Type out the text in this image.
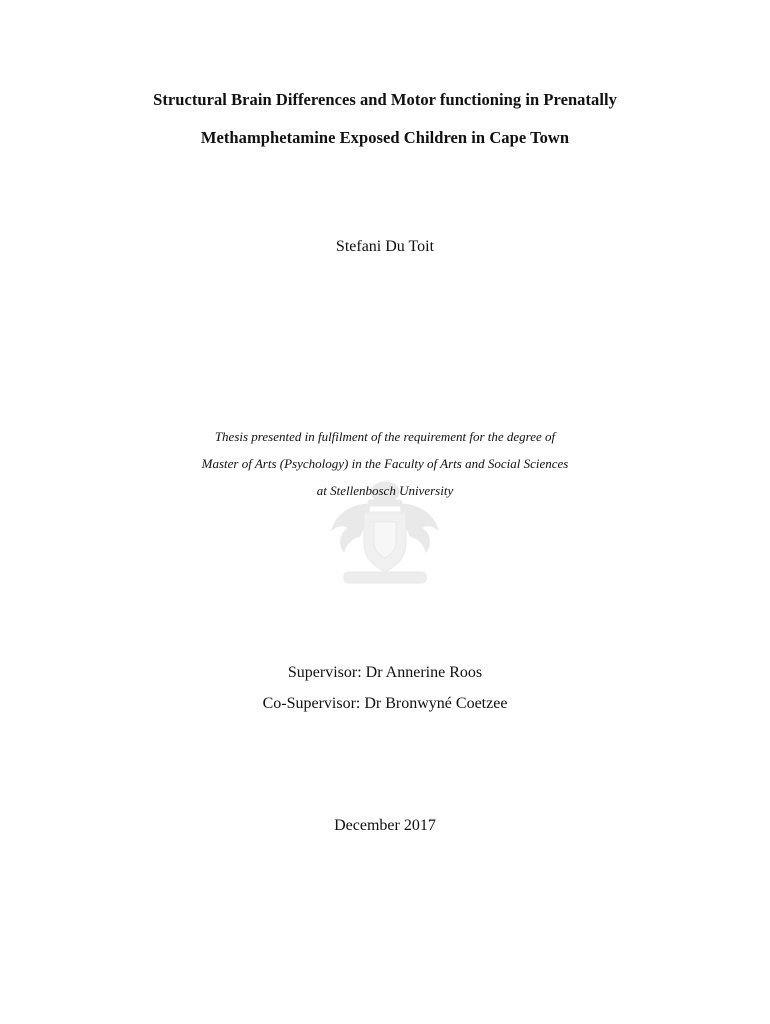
Structural Brain Differences and Motor functioning in Prenatally
Methamphetamine Exposed Children in Cape Town
Stefani Du Toit
Thesis presented in fulfilment of the requirement for the degree of
Master of Arts (Psychology) in the Faculty of Arts and Social Sciences
at Stellenbosch University
Supervisor: Dr Annerine Roos
Co-Supervisor: Dr Bronwyné Coetzee
December 2017
